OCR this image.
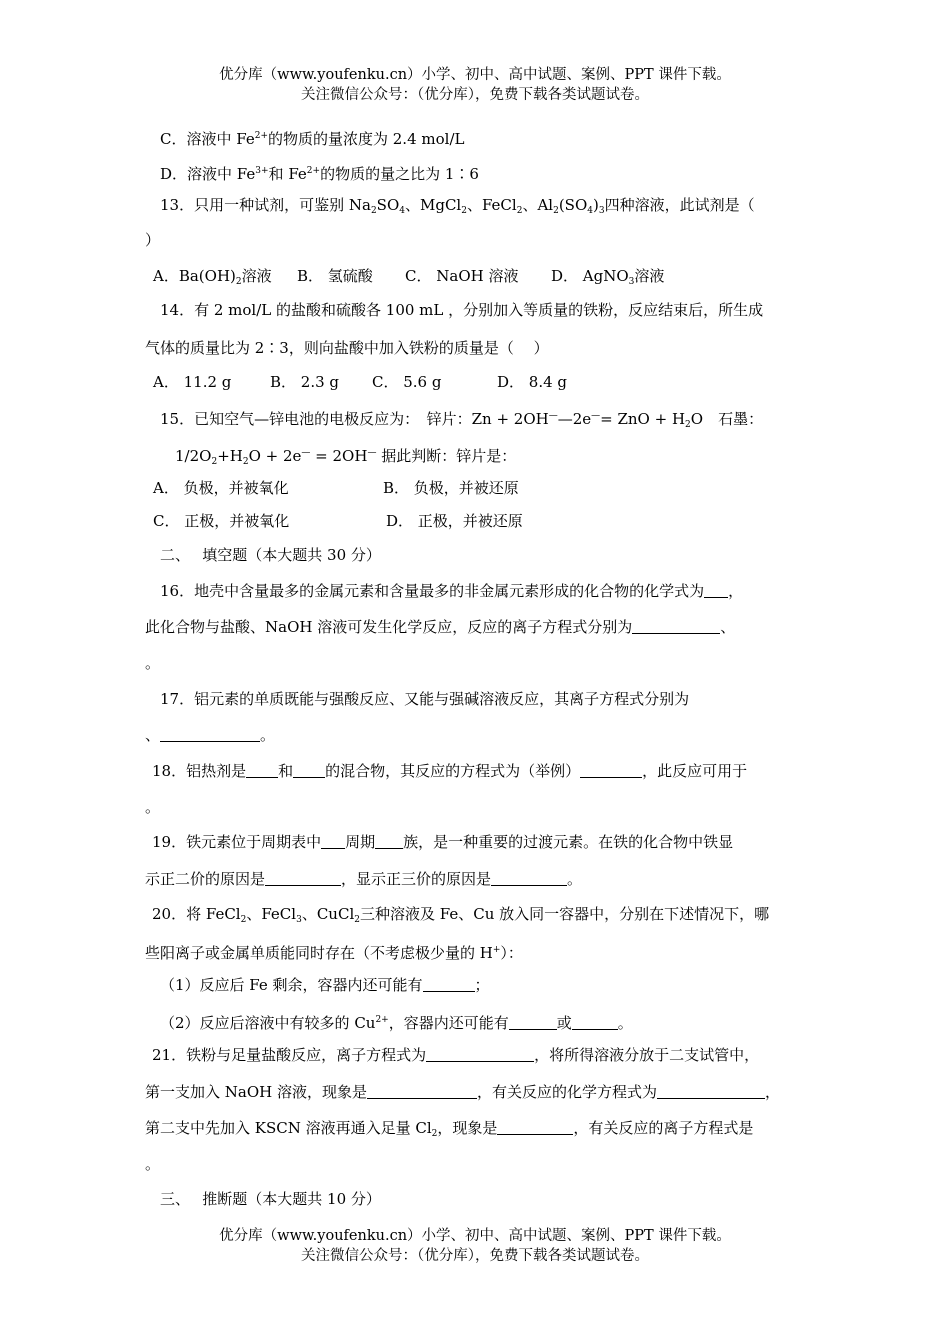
优分库（www.youfenku.cn）小学、初中、高中试题、案例、PPT 课件下载。
关注微信公众号：（优分库），免费下载各类试题试卷。
C．溶液中 $Fe^{2+}$的物质的量浓度为 2.4 mol/L
D．溶液中 $Fe^{3+}$和 $Fe^{2+}$的物质的量之比为 1∶6
13．只用一种试剂，可鉴别 $Na_2SO_4$、MgCl$_2$、FeCl$_2$、$Al_2(SO_4)_3$四种溶液，此试剂是（
）
A．$Ba(OH)_2$溶液 B． 氢硫酸 C． NaOH 溶液 D． AgNO$_3$溶液
14．有 2 mol/L 的盐酸和硫酸各 100 mL ，分别加入等质量的铁粉，反应结束后，所生成
气体的质量比为 2∶3，则向盐酸中加入铁粉的质量是（　 ）
A． 11.2 g	B． 2.3 g C． 5.6 g	D． 8.4 g
15．已知空气—锌电池的电极反应为：　锌片：Zn + 2OH——2e—= ZnO + $H_2O$　石墨：
$1/2O_2+H_2O + 2e^— = 2OH^—$ 据此判断：锌片是：
A． 负极，并被氧化	B． 负极，并被还原
C． 正极，并被氧化	D． 正极，并被还原
二、　 填空题（本大题共 30 分）
16．地壳中含量最多的金属元素和含量最多的非金属元素形成的化合物的化学式为 ，
此化合物与盐酸、NaOH 溶液可发生化学反应，反应的离子方程式分别为	、
。
17．铝元素的单质既能与强酸反应、又能与强碱溶液反应，其离子方程式分别为
、	。
18．铝热剂是 和 的混合物，其反应的方程式为（举例）	，此反应可用于
。
19．铁元素位于周期表中 周期 族，是一种重要的过渡元素。在铁的化合物中铁显
示正二价的原因是	，显示正三价的原因是	。
20．将 FeCl$_2$、FeCl$_3$、CuCl$_2$三种溶液及 Fe、Cu 放入同一容器中，分别在下述情况下，哪
些阳离子或金属单质能同时存在（不考虑极少量的 H+）：
（1）反应后 Fe 剩余，容器内还可能有	；
（2）反应后溶液中有较多的 $Cu^{2+}$，容器内还可能有	或	。
21．铁粉与足量盐酸反应，离子方程式为	，将所得溶液分放于二支试管中，
第一支加入 NaOH 溶液，现象是	，有关反应的化学方程式为	，
第二支中先加入 KSCN 溶液再通入足量 $Cl_2$，现象是	，有关反应的离子方程式是
。
三、　 推断题（本大题共 10 分）
优分库（www.youfenku.cn）小学、初中、高中试题、案例、PPT 课件下载。
关注微信公众号：（优分库），免费下载各类试题试卷。
